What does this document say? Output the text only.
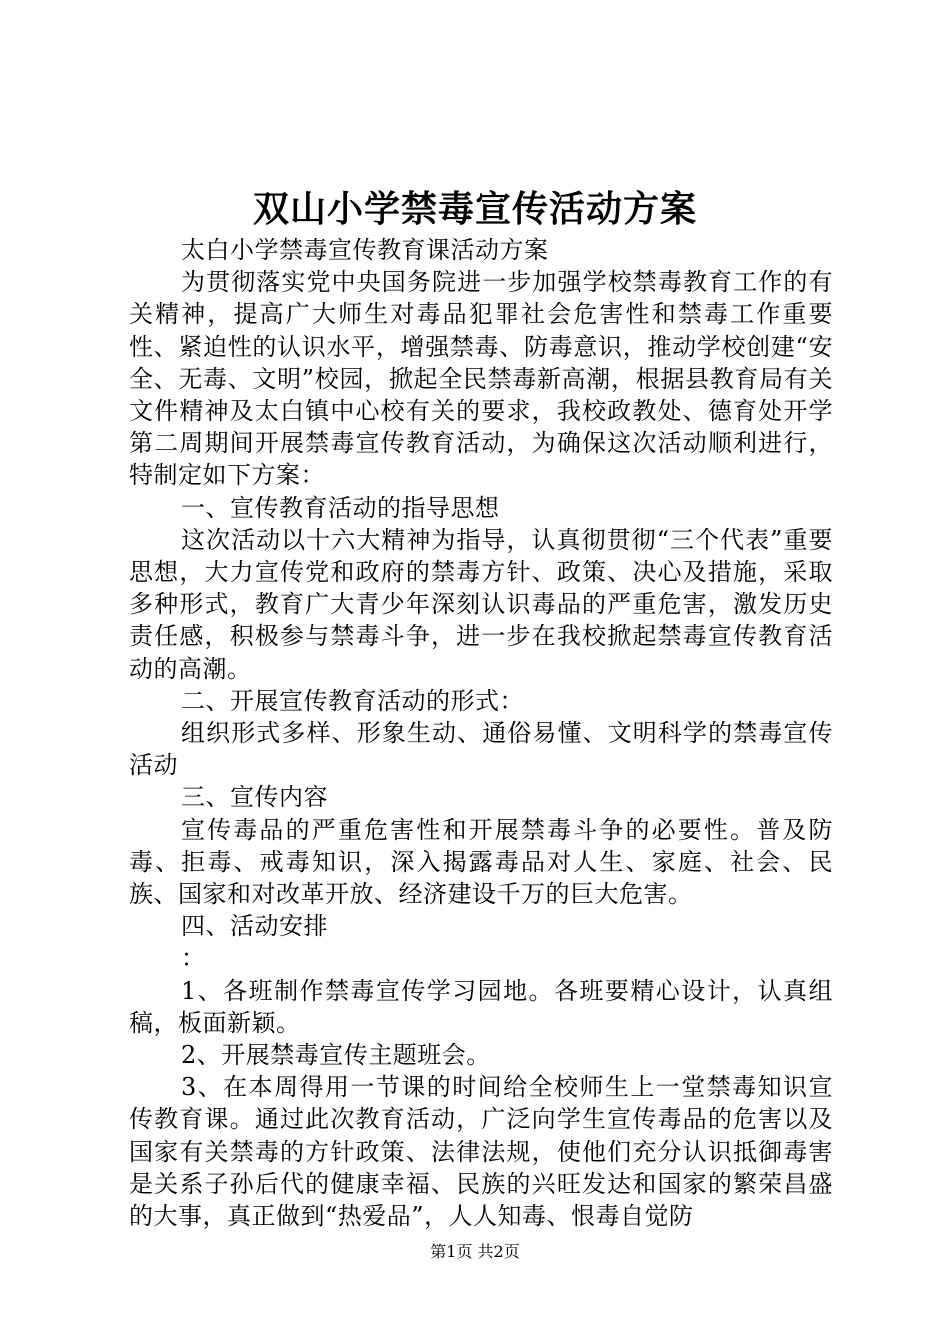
双山小学禁毒宣传活动方案

太白小学禁毒宣传教育课活动方案

为贯彻落实党中央国务院进一步加强学校禁毒教育工作的有关精神，提高广大师生对毒品犯罪社会危害性和禁毒工作重要性、紧迫性的认识水平，增强禁毒、防毒意识，推动学校创建“安全、无毒、文明”校园，掀起全民禁毒新高潮，根据县教育局有关文件精神及太白镇中心校有关的要求，我校政教处、德育处开学第二周期间开展禁毒宣传教育活动，为确保这次活动顺利进行，特制定如下方案：

一、宣传教育活动的指导思想

这次活动以十六大精神为指导，认真彻贯彻“三个代表”重要思想，大力宣传党和政府的禁毒方针、政策、决心及措施，采取多种形式，教育广大青少年深刻认识毒品的严重危害，激发历史责任感，积极参与禁毒斗争，进一步在我校掀起禁毒宣传教育活动的高潮。

二、开展宣传教育活动的形式：

组织形式多样、形象生动、通俗易懂、文明科学的禁毒宣传活动

三、宣传内容

宣传毒品的严重危害性和开展禁毒斗争的必要性。普及防毒、拒毒、戒毒知识，深入揭露毒品对人生、家庭、社会、民族、国家和对改革开放、经济建设千万的巨大危害。

四、活动安排

：

1、各班制作禁毒宣传学习园地。各班要精心设计，认真组稿，板面新颖。

2、开展禁毒宣传主题班会。

3、在本周得用一节课的时间给全校师生上一堂禁毒知识宣传教育课。通过此次教育活动，广泛向学生宣传毒品的危害以及国家有关禁毒的方针政策、法律法规，使他们充分认识抵御毒害是关系子孙后代的健康幸福、民族的兴旺发达和国家的繁荣昌盛的大事，真正做到“热爱品”，人人知毒、恨毒自觉防

第1页 共2页
